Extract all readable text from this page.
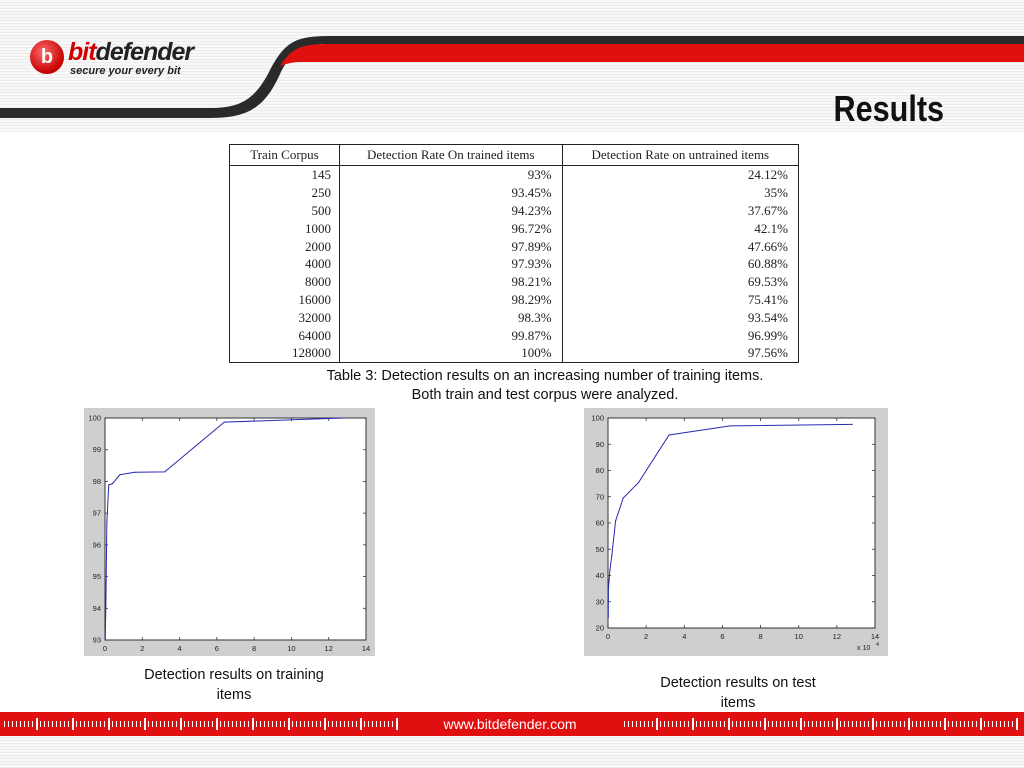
b bitdefender
secure your every bit
Results
Train Corpus	Detection Rate On trained items	Detection Rate on untrained items
145	93%	24.12%
250	93.45%	35%
500	94.23%	37.67%
1000	96.72%	42.1%
2000	97.89%	47.66%
4000	97.93%	60.88%
8000	98.21%	69.53%
16000	98.29%	75.41%
32000	98.3%	93.54%
64000	99.87%	96.99%
128000	100%	97.56%
Table 3: Detection results on an increasing number of training items.
Both train and test corpus were analyzed.
0	2	4	6	8	10	12	14
93
94
95
96
97
98
99
100
Detection results on training
items
0	2	4	6	8	10	12	14
20
30
40
50
60
70
80
90
100
x 10 4
Detection results on test
items
www.bitdefender.com
